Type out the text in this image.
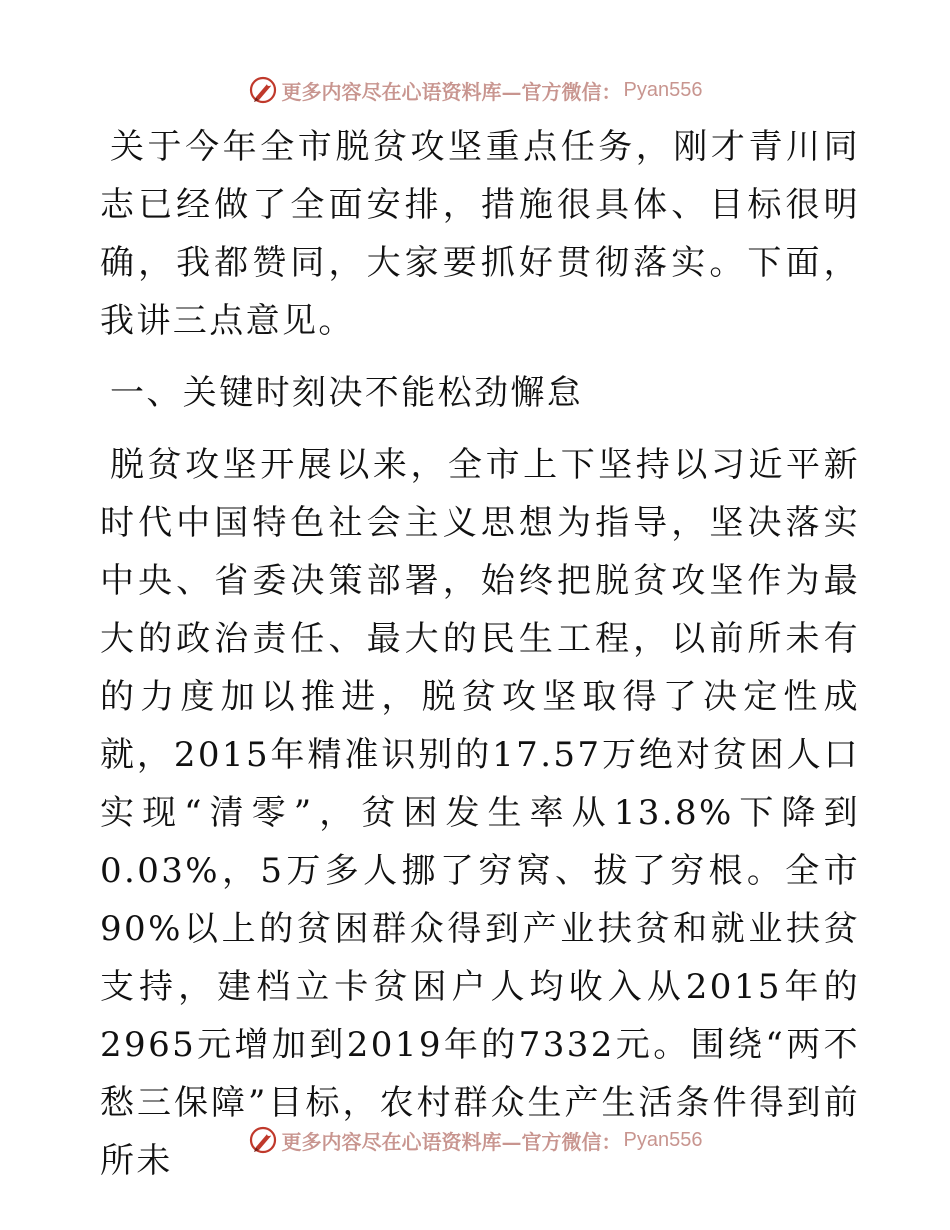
更多内容尽在心语资料库—官方微信： Pyan556

关于今年全市脱贫攻坚重点任务，刚才青川同志已经做了全面安排，措施很具体、目标很明确，我都赞同，大家要抓好贯彻落实。下面，我讲三点意见。

一、关键时刻决不能松劲懈怠

脱贫攻坚开展以来，全市上下坚持以习近平新时代中国特色社会主义思想为指导，坚决落实中央、省委决策部署，始终把脱贫攻坚作为最大的政治责任、最大的民生工程，以前所未有的力度加以推进，脱贫攻坚取得了决定性成就，2015年精准识别的17.57万绝对贫困人口实现“清零”，贫困发生率从13.8%下降到0.03%，5万多人挪了穷窝、拔了穷根。全市90%以上的贫困群众得到产业扶贫和就业扶贫支持，建档立卡贫困户人均收入从2015年的2965元增加到2019年的7332元。围绕“两不愁三保障”目标，农村群众生产生活条件得到前所未	更多内容尽在心语资料库—官方微信： Pyan556
